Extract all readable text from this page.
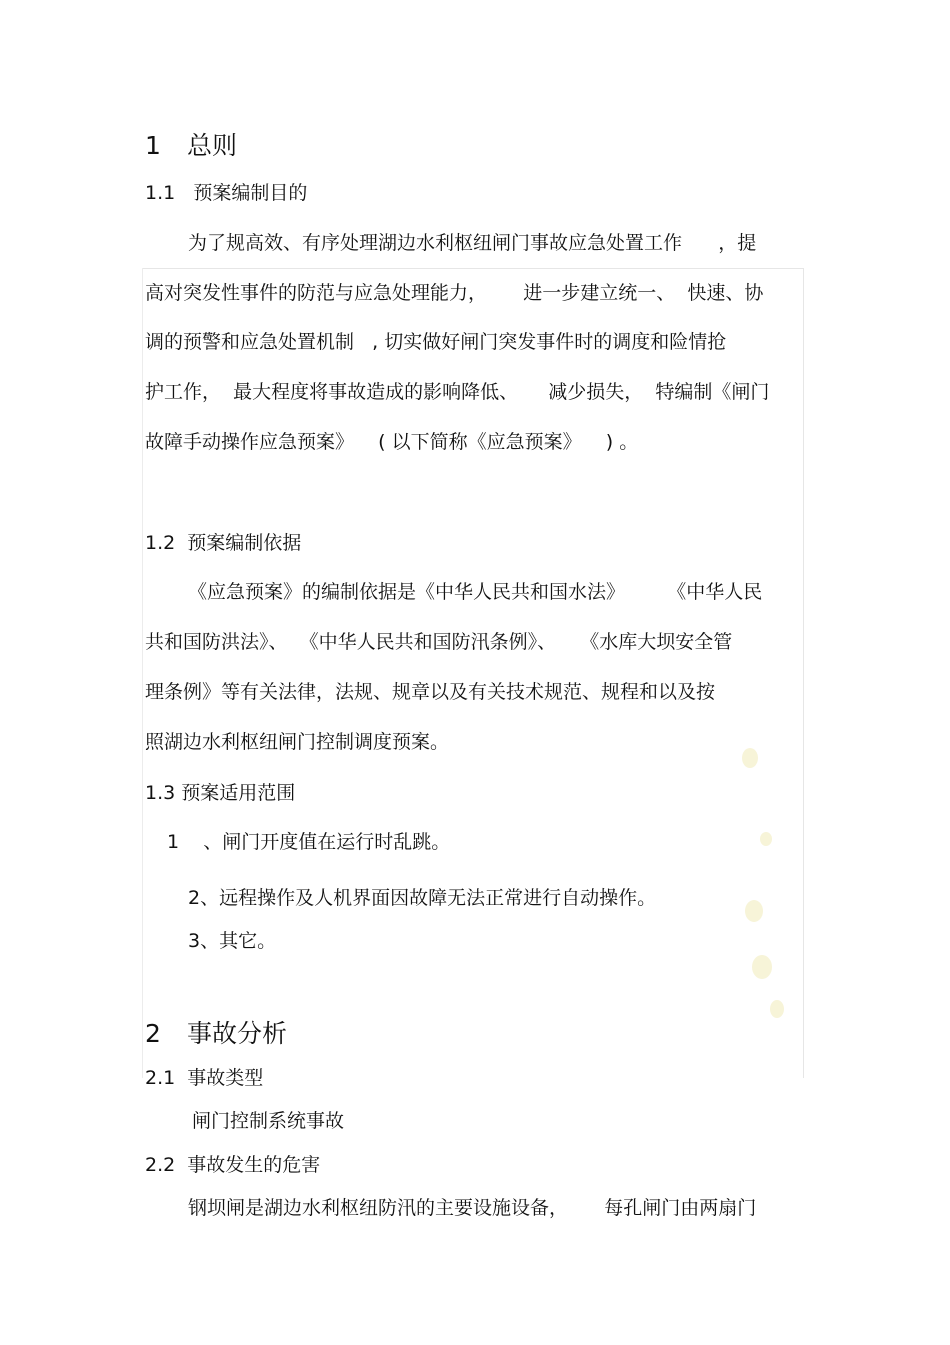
1 总则
1.1   预案编制目的
为了规高效、有序处理湖边水利枢纽闸门事故应急处置工作      ，提
高对突发性事件的防范与应急处理能力，      进一步建立统一、  快速、协
调的预警和应急处置机制   , 切实做好闸门突发事件时的调度和险情抢
护工作，  最大程度将事故造成的影响降低、     减少损失，  特编制《闸门
故障手动操作应急预案》    ( 以下简称《应急预案》    ) 。
1.2  预案编制依据
《应急预案》的编制依据是《中华人民共和国水法》       《中华人民
共和国防洪法》、  《中华人民共和国防汛条例》、    《水库大坝安全管
理条例》等有关法律，法规、规章以及有关技术规范、规程和以及按
照湖边水利枢纽闸门控制调度预案。
1.3 预案适用范围
1    、闸门开度值在运行时乱跳。
2、远程操作及人机界面因故障无法正常进行自动操作。
3、其它。
2 事故分析
2.1  事故类型
闸门控制系统事故
2.2  事故发生的危害
钢坝闸是湖边水利枢纽防汛的主要设施设备，      每孔闸门由两扇门
